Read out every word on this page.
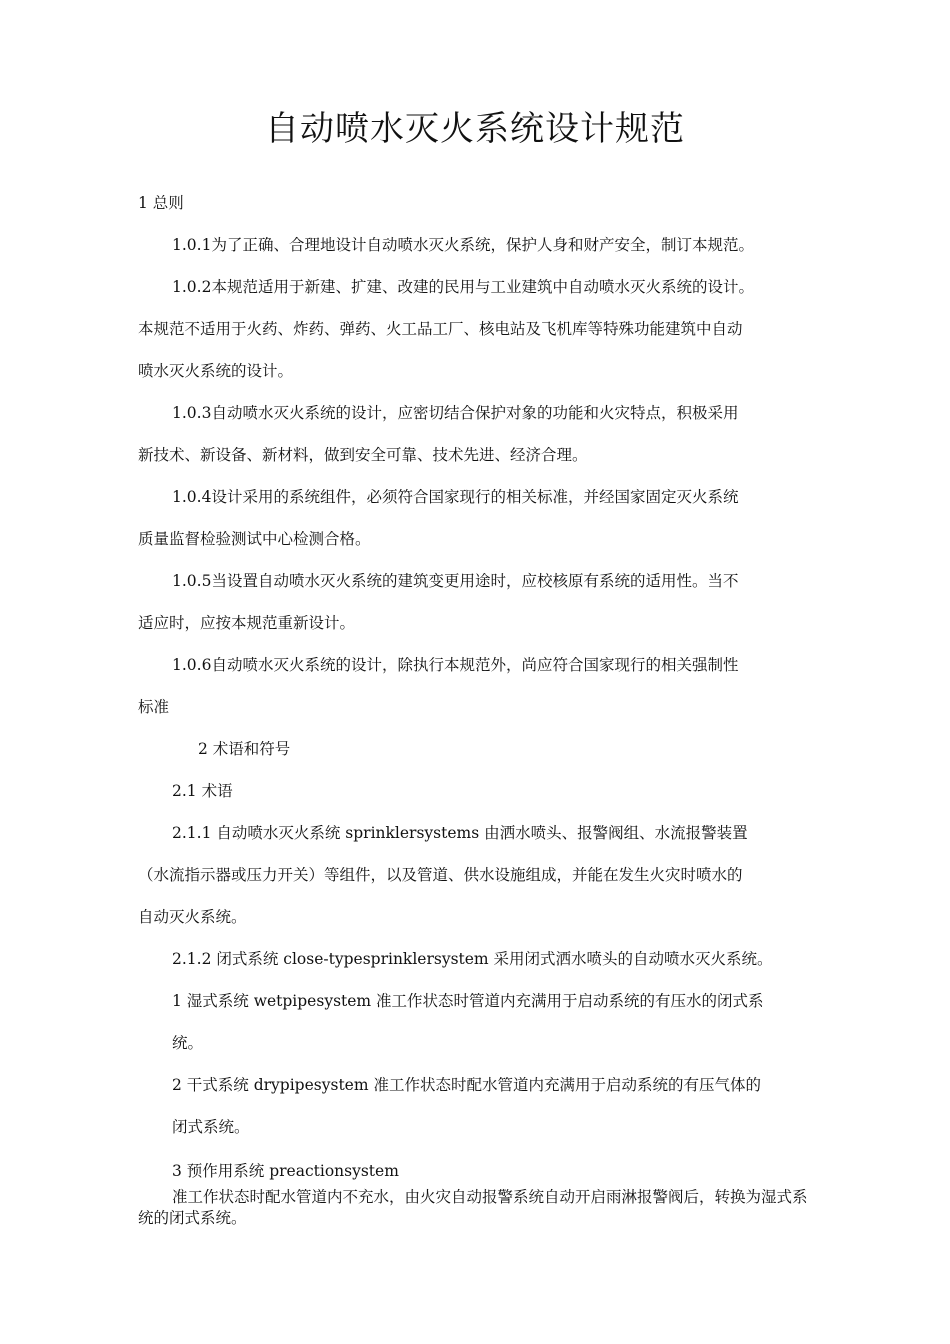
自动喷水灭火系统设计规范
1 总则
1.0.1为了正确、合理地设计自动喷水灭火系统，保护人身和财产安全，制订本规范。
1.0.2本规范适用于新建、扩建、改建的民用与工业建筑中自动喷水灭火系统的设计。
本规范不适用于火药、炸药、弹药、火工品工厂、核电站及飞机库等特殊功能建筑中自动
喷水灭火系统的设计。
1.0.3自动喷水灭火系统的设计，应密切结合保护对象的功能和火灾特点，积极采用
新技术、新设备、新材料，做到安全可靠、技术先进、经济合理。
1.0.4设计采用的系统组件，必须符合国家现行的相关标准，并经国家固定灭火系统
质量监督检验测试中心检测合格。
1.0.5当设置自动喷水灭火系统的建筑变更用途时，应校核原有系统的适用性。当不
适应时，应按本规范重新设计。
1.0.6自动喷水灭火系统的设计，除执行本规范外，尚应符合国家现行的相关强制性
标准
2 术语和符号
2.1 术语
2.1.1 自动喷水灭火系统 sprinklersystems 由洒水喷头、报警阀组、水流报警装置
（水流指示器或压力开关）等组件，以及管道、供水设施组成，并能在发生火灾时喷水的
自动灭火系统。
2.1.2 闭式系统 close-typesprinklersystem 采用闭式洒水喷头的自动喷水灭火系统。
1 湿式系统 wetpipesystem 准工作状态时管道内充满用于启动系统的有压水的闭式系
统。
2 干式系统 drypipesystem 准工作状态时配水管道内充满用于启动系统的有压气体的
闭式系统。
3 预作用系统 preactionsystem
准工作状态时配水管道内不充水，由火灾自动报警系统自动开启雨淋报警阀后，转换为湿式系统的闭式系统。
